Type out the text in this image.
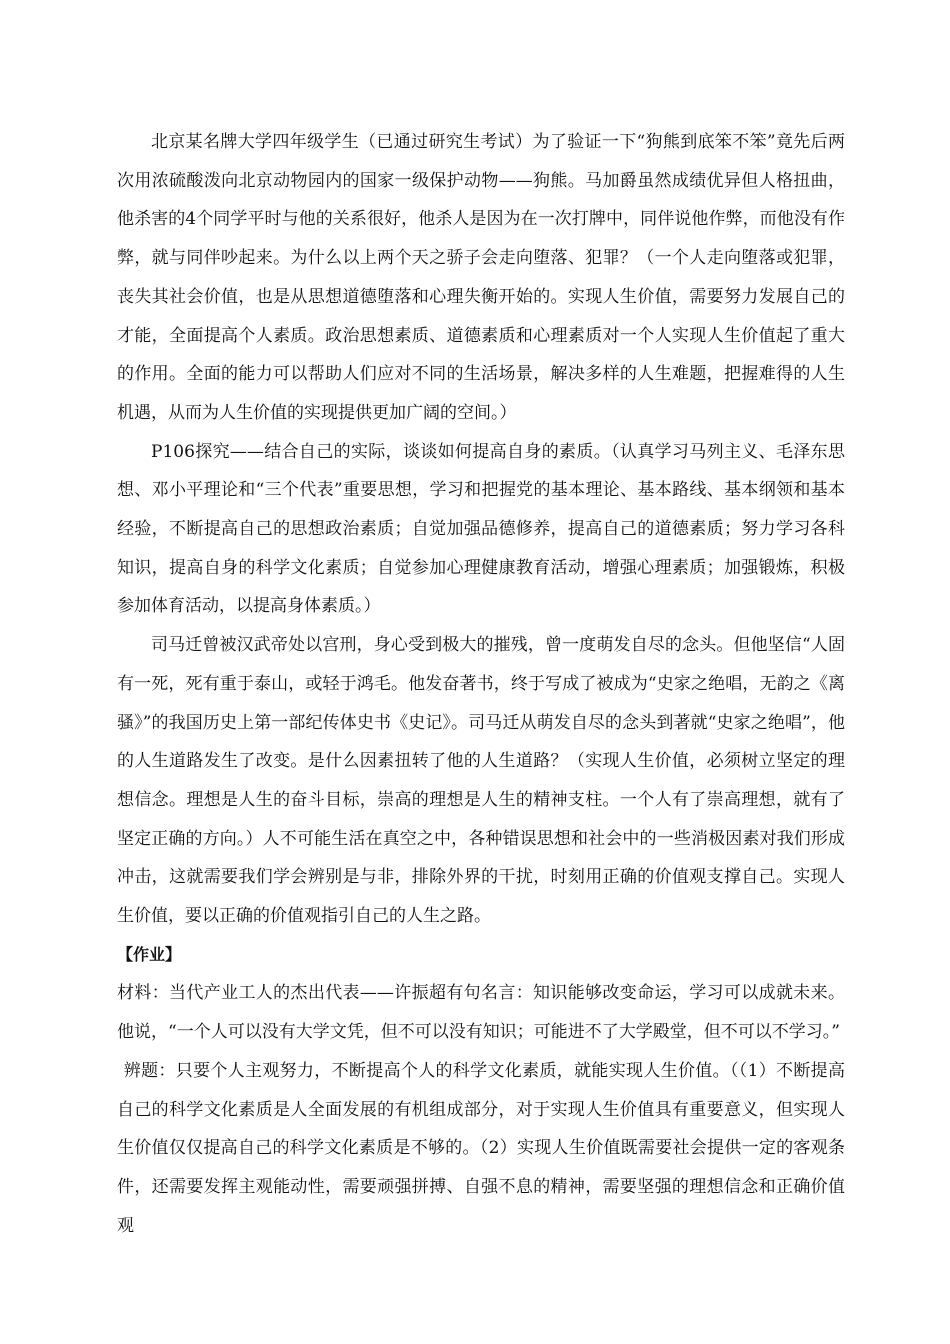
北京某名牌大学四年级学生（已通过研究生考试）为了验证一下“狗熊到底笨不笨”竟先后两次用浓硫酸泼向北京动物园内的国家一级保护动物——狗熊。马加爵虽然成绩优异但人格扭曲，他杀害的4个同学平时与他的关系很好，他杀人是因为在一次打牌中，同伴说他作弊，而他没有作弊，就与同伴吵起来。为什么以上两个天之骄子会走向堕落、犯罪？（一个人走向堕落或犯罪，丧失其社会价值，也是从思想道德堕落和心理失衡开始的。实现人生价值，需要努力发展自己的才能，全面提高个人素质。政治思想素质、道德素质和心理素质对一个人实现人生价值起了重大的作用。全面的能力可以帮助人们应对不同的生活场景，解决多样的人生难题，把握难得的人生机遇，从而为人生价值的实现提供更加广阔的空间。）

P106探究——结合自己的实际，谈谈如何提高自身的素质。（认真学习马列主义、毛泽东思想、邓小平理论和“三个代表”重要思想，学习和把握党的基本理论、基本路线、基本纲领和基本经验，不断提高自己的思想政治素质；自觉加强品德修养，提高自己的道德素质；努力学习各科知识，提高自身的科学文化素质；自觉参加心理健康教育活动，增强心理素质；加强锻炼，积极参加体育活动，以提高身体素质。）

司马迁曾被汉武帝处以宫刑，身心受到极大的摧残，曾一度萌发自尽的念头。但他坚信“人固有一死，死有重于泰山，或轻于鸿毛。他发奋著书，终于写成了被成为“史家之绝唱，无韵之《离骚》”的我国历史上第一部纪传体史书《史记》。司马迁从萌发自尽的念头到著就“史家之绝唱”，他的人生道路发生了改变。是什么因素扭转了他的人生道路？（实现人生价值，必须树立坚定的理想信念。理想是人生的奋斗目标，崇高的理想是人生的精神支柱。一个人有了崇高理想，就有了坚定正确的方向。）人不可能生活在真空之中，各种错误思想和社会中的一些消极因素对我们形成冲击，这就需要我们学会辨别是与非，排除外界的干扰，时刻用正确的价值观支撑自己。实现人生价值，要以正确的价值观指引自己的人生之路。

【作业】

材料：当代产业工人的杰出代表——许振超有句名言：知识能够改变命运，学习可以成就未来。他说，“一个人可以没有大学文凭，但不可以没有知识；可能进不了大学殿堂，但不可以不学习。”

辨题：只要个人主观努力，不断提高个人的科学文化素质，就能实现人生价值。（（1）不断提高自己的科学文化素质是人全面发展的有机组成部分，对于实现人生价值具有重要意义，但实现人生价值仅仅提高自己的科学文化素质是不够的。（2）实现人生价值既需要社会提供一定的客观条件，还需要发挥主观能动性，需要顽强拼搏、自强不息的精神，需要坚强的理想信念和正确价值观
